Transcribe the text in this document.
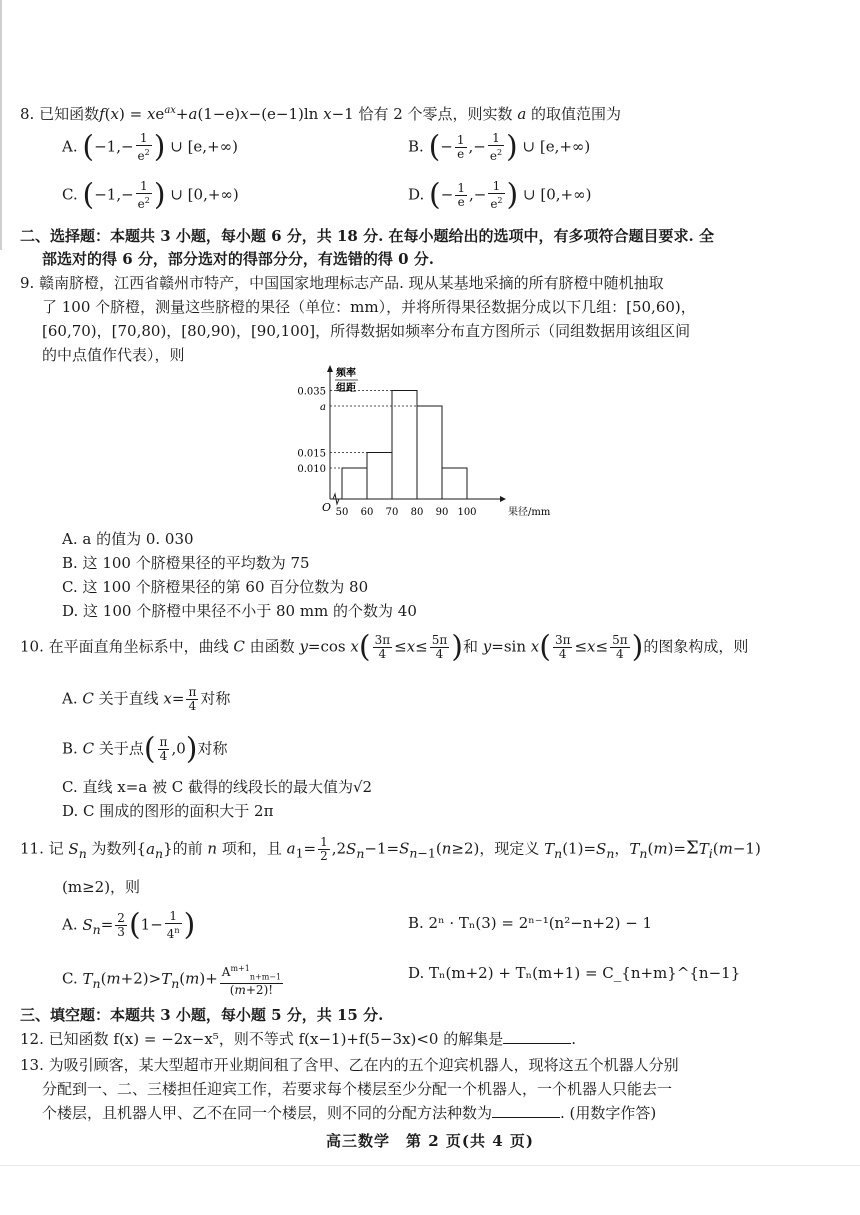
8. 已知函数$f(x) = xe^{ax}+a(1-e)x-(e-1)\ln$ x−1 恰有 2 个零点，则实数 a 的取值范围为
A. ($-1,- \frac{1}{e^2}$ ) ∪ [e,+∞)	B. (− $\frac{1}{e}$ ,− $\frac{1}{e^2}$ ) ∪ [e,+∞)
C. ($-1,- \frac{1}{e^2}$ ) ∪ [0,+∞)	D. (− $\frac{1}{e}$ ,− $\frac{1}{e^2}$ ) ∪ [0,+∞)
二、选择题：本题共 3 小题，每小题 6 分，共 18 分. 在每小题给出的选项中，有多项符合题目要求. 全
部选对的得 6 分，部分选对的得部分分，有选错的得 0 分.
9. 赣南脐橙，江西省赣州市特产，中国国家地理标志产品. 现从某基地采摘的所有脐橙中随机抽取
了 100 个脐橙，测量这些脐橙的果径（单位：mm），并将所得果径数据分成以下几组：[50,60)，
[60,70)，[70,80)，[80,90)，[90,100]，所得数据如频率分布直方图所示（同组数据用该组区间
的中点值作代表），则
0.010
0.015
a
0.035
50 60 70 80 90 100
O
频率
组距
果径/mm
A. a 的值为 0. 030
B. 这 100 个脐橙果径的平均数为 75
C. 这 100 个脐橙果径的第 60 百分位数为 80
D. 这 100 个脐橙中果径不小于 80 mm 的个数为 40
10. 在平面直角坐标系中，曲线 C 由函数 y=cos $x( \frac{3\pi}{4} \le x\le \frac{5\pi}{4}$ )和 y=sin $x( \frac{3\pi}{4} \le x\le \frac{5\pi}{4}$ )的图象构成，则
A. C 关于直线 $x= \frac{\pi}{4}$ 对称
B. C 关于点( $\frac{\pi}{4} ,0$)对称
C. 直线 x=a 被 C 截得的线段长的最大值为√2
D. C 围成的图形的面积大于 2π
11. 记 $S_n$ 为数列$\{a_n\}$的前 n 项和，且 $a_1= \frac{1}{2} ,2S_n-1=S_{n-1}(n\ge 2)$，现定义 $T_n(1)=S_n$，$T_n(m)=\Sigma T_i(m-1)$
(m≥2)，则
A. $S_n= \frac{2}{3} (1- \frac{1}{4^n}$ )	B. 2ⁿ · Tₙ(3) = 2ⁿ⁻¹(n²−n+2) − 1
C. $T_n(m+2)>T_n(m)+ \frac{A^{m+1}_{n+m-1}}{(m+2)!}$	D. Tₙ(m+2) + Tₙ(m+1) = C_{n+m}^{n−1}
三、填空题：本题共 3 小题，每小题 5 分，共 15 分.
12. 已知函数 f(x) = −2x−x⁵，则不等式 f(x−1)+f(5−3x)<0 的解集是	.
13. 为吸引顾客，某大型超市开业期间租了含甲、乙在内的五个迎宾机器人，现将这五个机器人分别
分配到一、二、三楼担任迎宾工作，若要求每个楼层至少分配一个机器人，一个机器人只能去一
个楼层，且机器人甲、乙不在同一个楼层，则不同的分配方法种数为	. (用数字作答)
高三数学　第 2 页(共 4 页)
